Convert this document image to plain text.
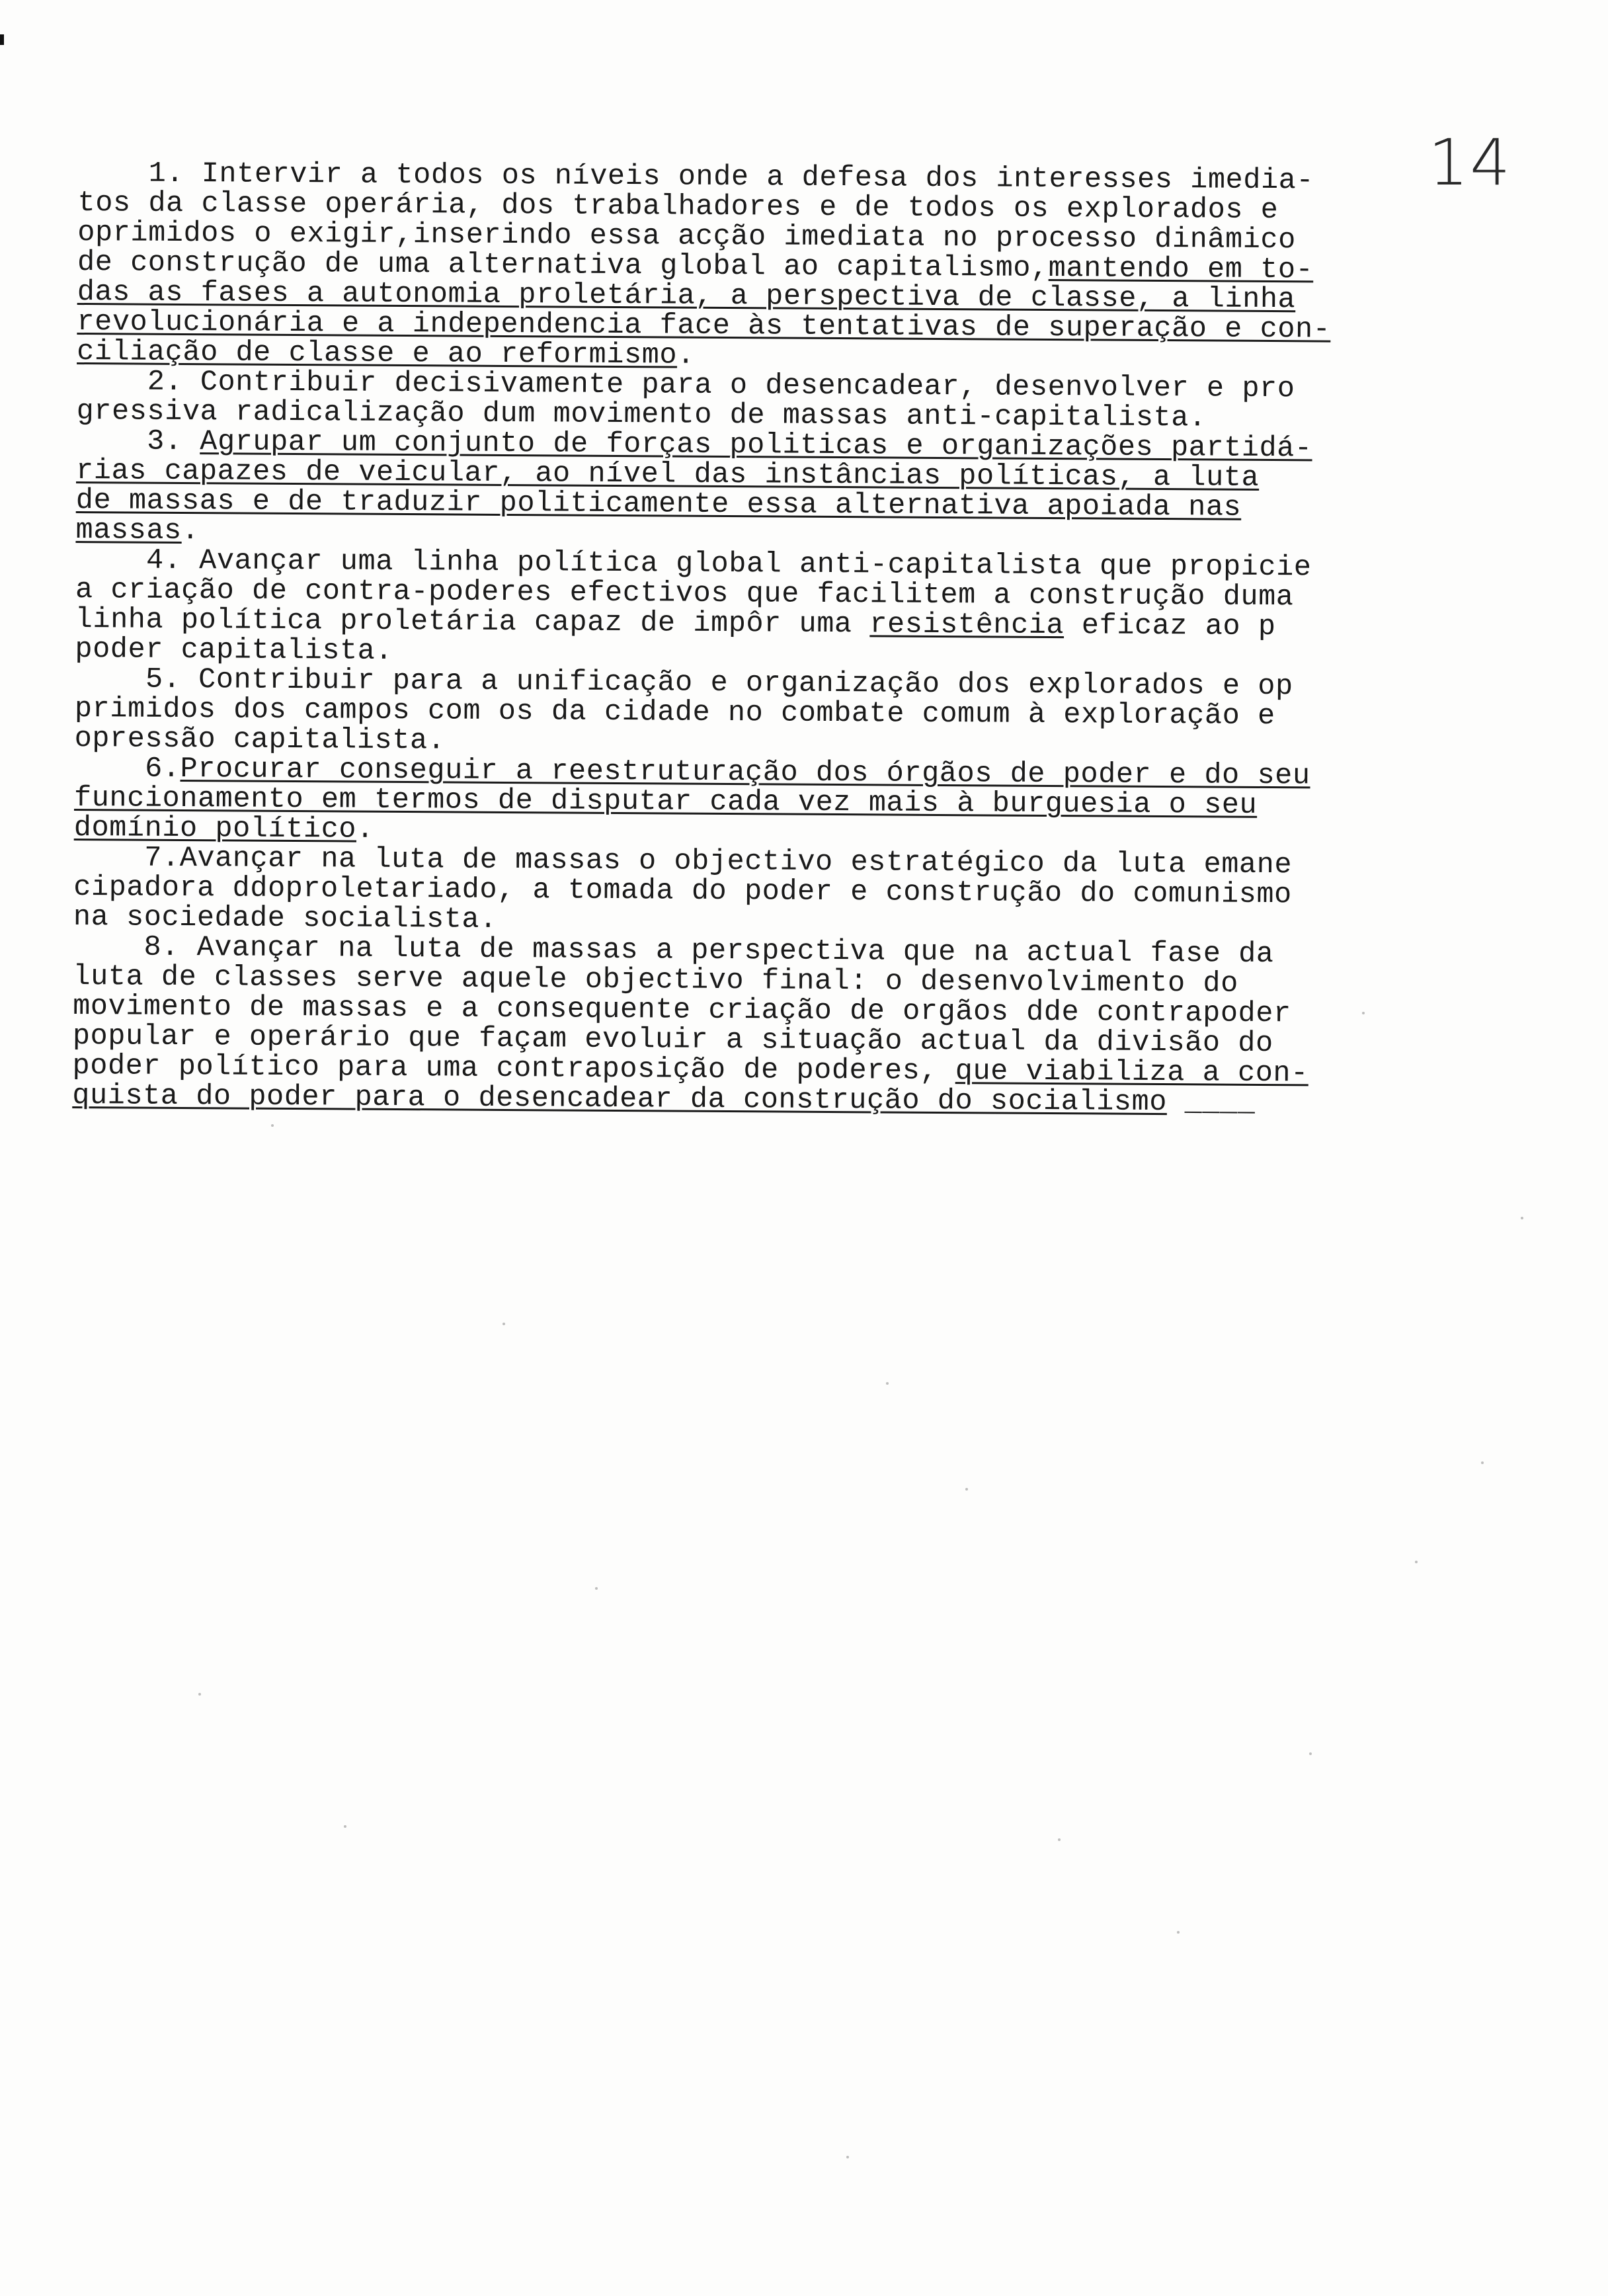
14
1. Intervir a todos os níveis onde a defesa dos interesses imedia-
tos da classe operária, dos trabalhadores e de todos os explorados e
oprimidos o exigir,inserindo essa acção imediata no processo dinâmico
de construção de uma alternativa global ao capitalismo,mantendo em to-
das as fases a autonomia proletária, a perspectiva de classe, a linha
revolucionária e a independencia face às tentativas de superação e con-
ciliação de classe e ao reformismo.
2. Contribuir decisivamente para o desencadear, desenvolver e pro
gressiva radicalização dum movimento de massas anti-capitalista.
3. Agrupar um conjunto de forças politicas e organizações partidá-
rias capazes de veicular, ao nível das instâncias políticas, a luta
de massas e de traduzir politicamente essa alternativa apoiada nas
massas.
4. Avançar uma linha política global anti-capitalista que propicie
a criação de contra-poderes efectivos que facilitem a construção duma
linha política proletária capaz de impôr uma resistência eficaz ao p
poder capitalista.
5. Contribuir para a unificação e organização dos explorados e op
primidos dos campos com os da cidade no combate comum à exploração e
opressão capitalista.
6.Procurar conseguir a reestruturação dos órgãos de poder e do seu
funcionamento em termos de disputar cada vez mais à burguesia o seu
domínio político.
7.Avançar na luta de massas o objectivo estratégico da luta emane
cipadora ddoproletariado, a tomada do poder e construção do comunismo
na sociedade socialista.
8. Avançar na luta de massas a perspectiva que na actual fase da
luta de classes serve aquele objectivo final: o desenvolvimento do
movimento de massas e a consequente criação de orgãos dde contrapoder
popular e operário que façam evoluir a situação actual da divisão do
poder político para uma contraposição de poderes, que viabiliza a con-
quista do poder para o desencadear da construção do socialismo ____
